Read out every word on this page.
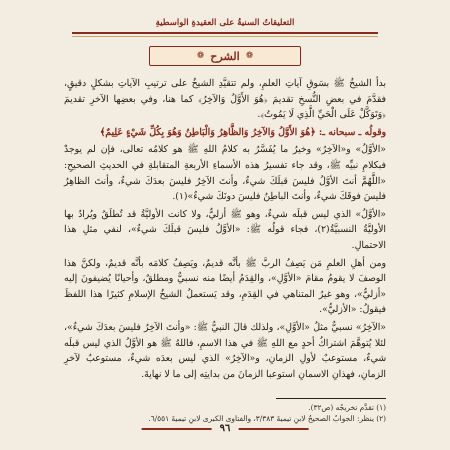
التعليقاتُ السنيةُ على العقيدةِ الواسطيةِ
❁ الشرح ❁

بدأ الشيخُ ﷺ بسَوقِ آياتِ العلمِ، ولم تتقيَّدِ الشيخُ على ترتيبِ الآياتِ بشكلٍ دقيقٍ، فقدَّمَ في بعضِ النُّسخِ تقديمَ ﴿هُوَ الأَوَّلُ وَالآخِرُ﴾ كما هنا، وفي بعضِها الآخرِ تقديمَ ﴿وَتَوَكَّلْ عَلَى الْحَيِّ الَّذِي لَا يَمُوتُ﴾.

وقولُه ـ سبحانه ـ: ﴿هُوَ الأَوَّلُ وَالآخِرُ وَالظَّاهِرُ وَالْبَاطِنُ وَهُوَ بِكُلِّ شَيْءٍ عَلِيمٌ﴾

«الأوَّلُ» و«الآخِرُ» وخيرُ ما يُفَسَّرُ به كلامُ اللهِ ﷺ هو كلامُه تعالى، فإن لم يوجدْ فبكلامِ نبيِّه ﷺ، وقد جاء تفسيرُ هذه الأسماءِ الأربعةِ المتقابلةِ في الحديثِ الصحيحِ: «اللَّهُمَّ أنتَ الأوَّلُ فليسَ قبلَكَ شيءٌ، وأنتَ الآخِرُ فليسَ بعدَكَ شيءٌ، وأنتَ الظاهِرُ فليسَ فوقَكَ شيءٌ، وأنتَ الباطِنُ فليسَ دونَكَ شيءٌ»(١).

«الأوَّلُ» الذي ليس قبلَه شيءٌ، وهو ﷺ أزليٌّ، ولا كانت الأوليَّةُ قد تُطلَقُ ويُرادُ بها الأوليَّةُ النسبيَّةُ(٢)، فجاء قولُه ﷺ: «الأوَّلُ فليسَ قبلَكَ شيءٌ»، لنفي مثلِ هذا الاحتمالِ.

ومن أهلِ العلمِ مَن يَصِفُ الربَّ ﷺ بأنَّه قديمٌ، ويَصِفُ كلامَه بأنَّه قديمٌ، ولكنَّ هذا الوصفَ لا يقومُ مقامَ «الأوَّلِ»، والقِدَمُ أيضًا منه نسبيٌّ ومطلقٌ، وأحيانًا يُضيفونَ إليه «أزليٌّ»، وهو غيرُ المتناهي في القِدَمِ، وقد يَستعملُ الشيخُ الإسلامِ كثيرًا هذا اللفظَ فيقولُ: «الأزليُّ».

«الآخِرُ» نسبيٌّ مثلُ «الأوَّلِ»، ولذلك قالَ النبيُّ ﷺ: «وأنتَ الآخِرُ فليسَ بعدَكَ شيءٌ»، لئلا يُتوهَّمَ اشتراكُ أحدٍ مع اللهِ ﷺ في هذا الاسمِ، فاللهُ ﷺ هو الأوَّلُ الذي ليس قبلَه شيءٌ، مستوعبٌ لأولِ الزمانِ، و«الآخِرُ» الذي ليس بعدَه شيءٌ، مستوعبٌ لآخرِ الزمانِ، فهذانِ الاسمانِ استوعبا الزمانَ من بدايتِه إلى ما لا نهايةَ.

(١) تقدَّم تخريجُه (ص٣٢).

(٢) ينظر: الجوابُ الصحيحُ لابنِ تيميةَ ٣/٣٨٣، والفتاوى الكبرى لابنِ تيميةَ ٦/٥٥١.

٩٦
